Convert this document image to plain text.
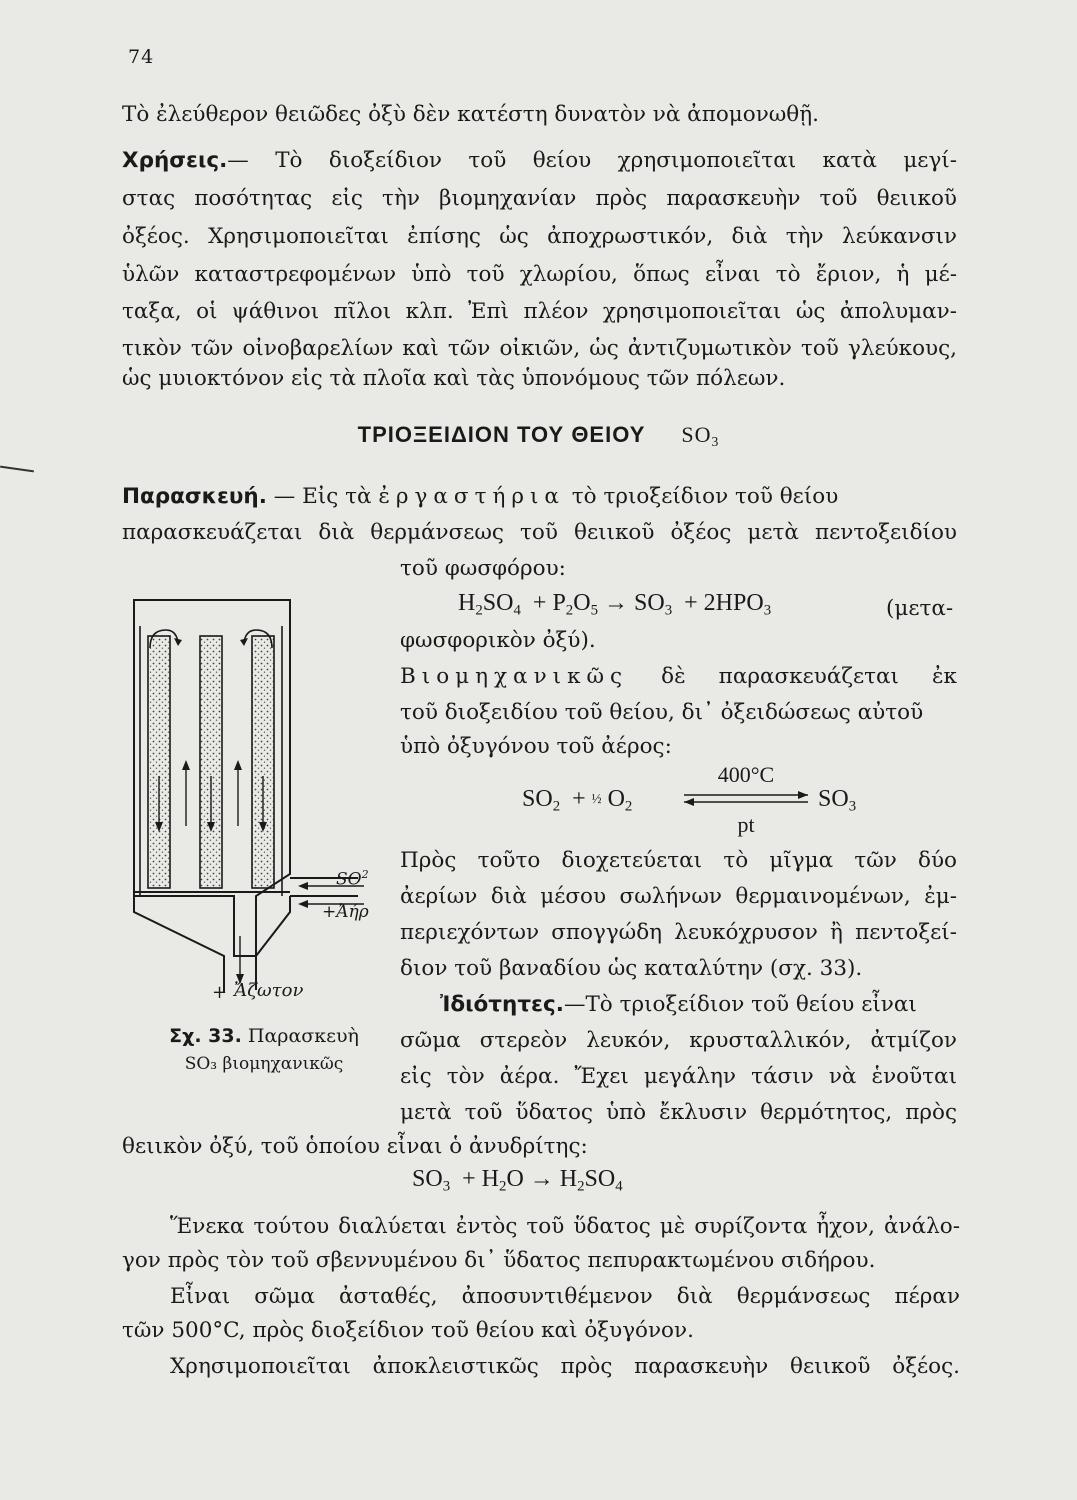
74
Τὸ ἐλεύθερον θειῶδες ὀξὺ δὲν κατέστη δυνατὸν νὰ ἀπομονωθῇ.
Χρήσεις.— Τὸ διοξείδιον τοῦ θείου χρησιμοποιεῖται κατὰ μεγί-
στας ποσότητας εἰς τὴν βιομηχανίαν πρὸς παρασκευὴν τοῦ θειικοῦ
ὀξέος. Χρησιμοποιεῖται ἐπίσης ὡς ἀποχρωστικόν, διὰ τὴν λεύκανσιν
ὑλῶν καταστρεφομένων ὑπὸ τοῦ χλωρίου, ὅπως εἶναι τὸ ἔριον, ἡ μέ-
ταξα, οἱ ψάθινοι πῖλοι κλπ. Ἐπὶ πλέον χρησιμοποιεῖται ὡς ἀπολυμαν-
τικὸν τῶν οἰνοβαρελίων καὶ τῶν οἰκιῶν, ὡς ἀντιζυμωτικὸν τοῦ γλεύκους,
ὡς μυιοκτόνον εἰς τὰ πλοῖα καὶ τὰς ὑπονόμους τῶν πόλεων.
ΤΡΙΟΞΕΙΔΙΟΝ ΤΟΥ ΘΕΙΟΥ $SO_3$
Παρασκευή. — Εἰς τὰ ἐργαστήρια τὸ τριοξείδιον τοῦ θείου
παρασκευάζεται διὰ θερμάνσεως τοῦ θειικοῦ ὀξέος μετὰ πεντοξειδίου
τοῦ φωσφόρου:
$H_2SO_4 + P_2O_5 \to SO_3 + 2HPO_3$	(μετα-
φωσφορικὸν ὀξύ).
Βιομηχανικῶς δὲ παρασκευάζεται ἐκ
τοῦ διοξειδίου τοῦ θείου, δι᾽ ὀξειδώσεως αὐτοῦ
ὑπὸ ὀξυγόνου τοῦ ἀέρος:
$SO_2$  + ½ $O_2$
400°C
pt
$SO_3$
Πρὸς τοῦτο διοχετεύεται τὸ μῖγμα τῶν δύο
ἀερίων διὰ μέσου σωλήνων θερμαινομένων, ἐμ-
περιεχόντων σπογγώδη λευκόχρυσον ἢ πεντοξεί-
διον τοῦ βαναδίου ὡς καταλύτην (σχ. 33).
Ἰδιότητες.—Τὸ τριοξείδιον τοῦ θείου εἶναι
σῶμα στερεὸν λευκόν, κρυσταλλικόν, ἀτμίζον
εἰς τὸν ἀέρα. Ἔχει μεγάλην τάσιν νὰ ἑνοῦται
μετὰ τοῦ ὕδατος ὑπὸ ἔκλυσιν θερμότητος, πρὸς
θειικὸν ὀξύ, τοῦ ὁποίου εἶναι ὁ ἀνυδρίτης:
$SO_3 + H_2O \to H_2SO_4$
Ἕνεκα τούτου διαλύεται ἐντὸς τοῦ ὕδατος μὲ συρίζοντα ἦχον, ἀνάλο-
γον πρὸς τὸν τοῦ σβεννυμένου δι᾽ ὕδατος πεπυρακτωμένου σιδήρου.
Εἶναι σῶμα ἀσταθές, ἀποσυντιθέμενον διὰ θερμάνσεως πέραν
τῶν 500°C, πρὸς διοξείδιον τοῦ θείου καὶ ὀξυγόνον.
Χρησιμοποιεῖται ἀποκλειστικῶς πρὸς παρασκευὴν θειικοῦ ὀξέος.
$SO^2$
+Ἀήρ
+ Ἄζωτον
Σχ. 33. Παρασκευὴ
SO₃ βιομηχανικῶς
